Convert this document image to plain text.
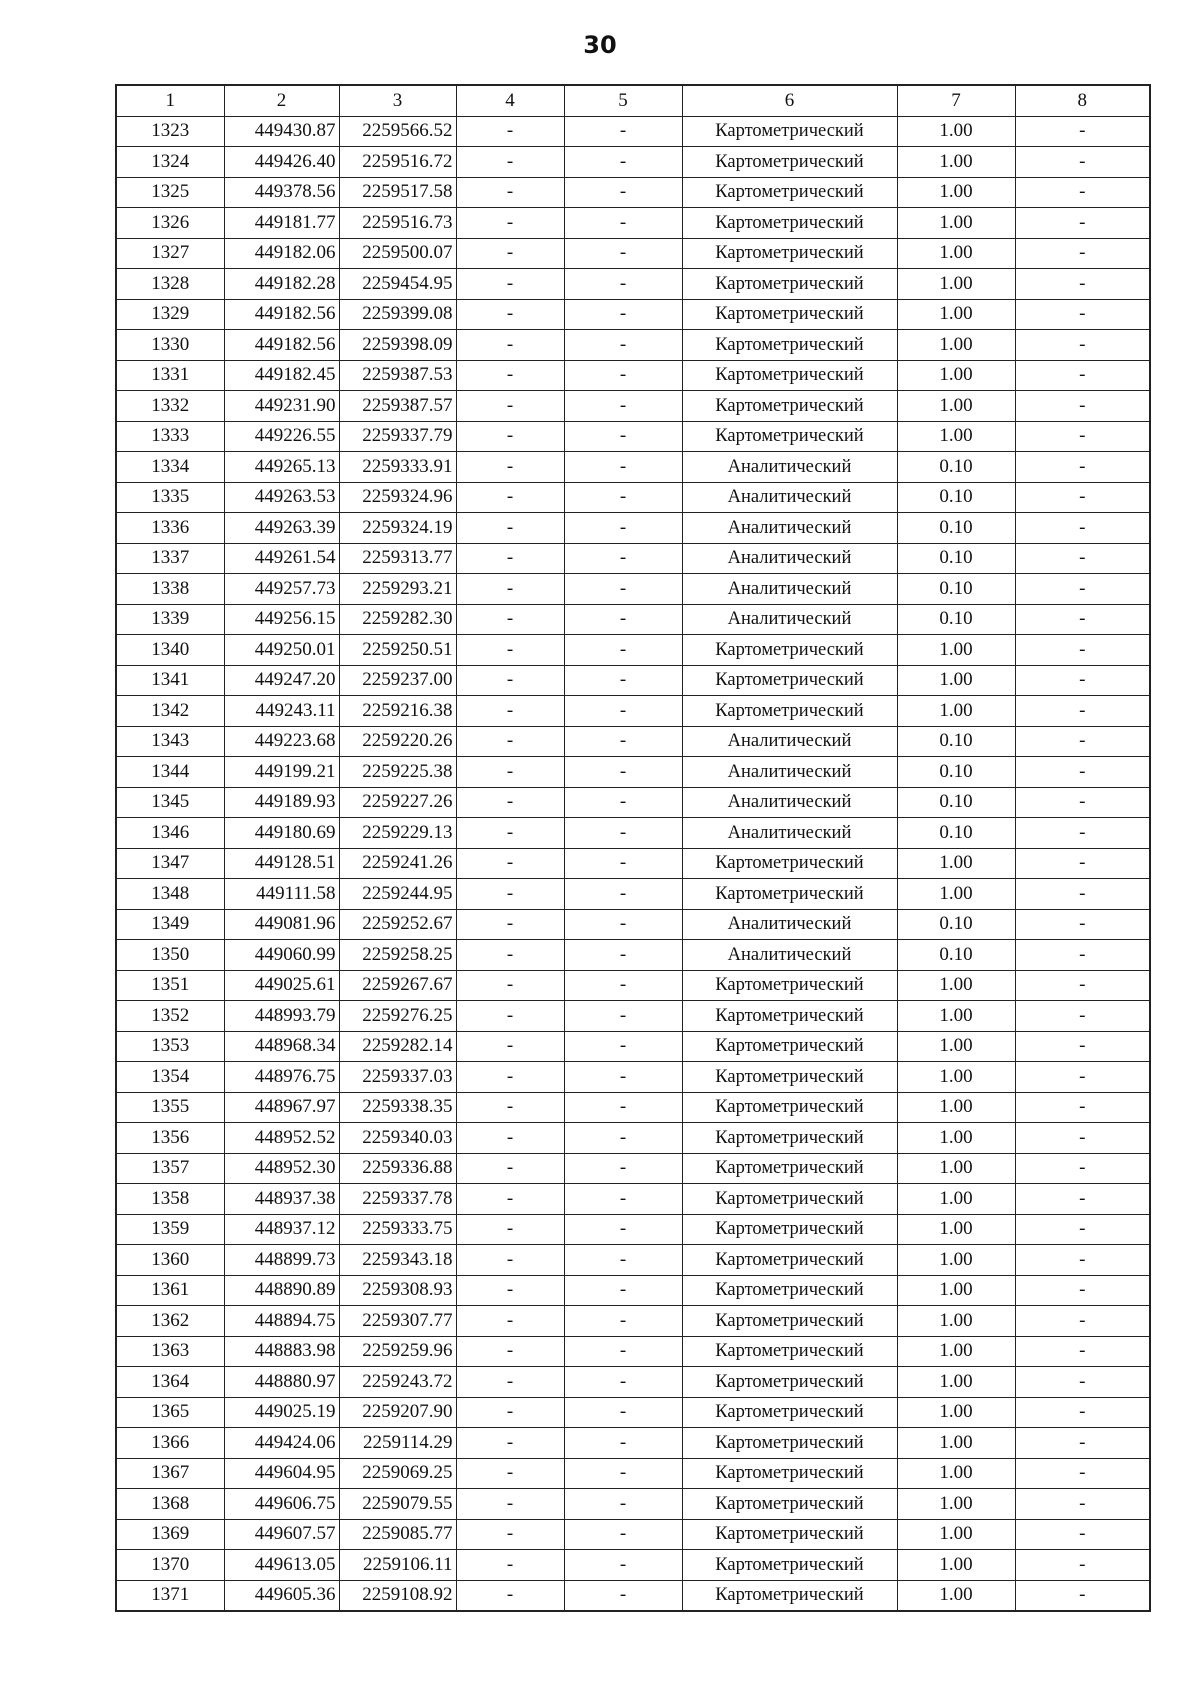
30
1	2	3	4	5	6	7	8
1323	449430.87	2259566.52	-	-	Картометрический	1.00	-
1324	449426.40	2259516.72	-	-	Картометрический	1.00	-
1325	449378.56	2259517.58	-	-	Картометрический	1.00	-
1326	449181.77	2259516.73	-	-	Картометрический	1.00	-
1327	449182.06	2259500.07	-	-	Картометрический	1.00	-
1328	449182.28	2259454.95	-	-	Картометрический	1.00	-
1329	449182.56	2259399.08	-	-	Картометрический	1.00	-
1330	449182.56	2259398.09	-	-	Картометрический	1.00	-
1331	449182.45	2259387.53	-	-	Картометрический	1.00	-
1332	449231.90	2259387.57	-	-	Картометрический	1.00	-
1333	449226.55	2259337.79	-	-	Картометрический	1.00	-
1334	449265.13	2259333.91	-	-	Аналитический	0.10	-
1335	449263.53	2259324.96	-	-	Аналитический	0.10	-
1336	449263.39	2259324.19	-	-	Аналитический	0.10	-
1337	449261.54	2259313.77	-	-	Аналитический	0.10	-
1338	449257.73	2259293.21	-	-	Аналитический	0.10	-
1339	449256.15	2259282.30	-	-	Аналитический	0.10	-
1340	449250.01	2259250.51	-	-	Картометрический	1.00	-
1341	449247.20	2259237.00	-	-	Картометрический	1.00	-
1342	449243.11	2259216.38	-	-	Картометрический	1.00	-
1343	449223.68	2259220.26	-	-	Аналитический	0.10	-
1344	449199.21	2259225.38	-	-	Аналитический	0.10	-
1345	449189.93	2259227.26	-	-	Аналитический	0.10	-
1346	449180.69	2259229.13	-	-	Аналитический	0.10	-
1347	449128.51	2259241.26	-	-	Картометрический	1.00	-
1348	449111.58	2259244.95	-	-	Картометрический	1.00	-
1349	449081.96	2259252.67	-	-	Аналитический	0.10	-
1350	449060.99	2259258.25	-	-	Аналитический	0.10	-
1351	449025.61	2259267.67	-	-	Картометрический	1.00	-
1352	448993.79	2259276.25	-	-	Картометрический	1.00	-
1353	448968.34	2259282.14	-	-	Картометрический	1.00	-
1354	448976.75	2259337.03	-	-	Картометрический	1.00	-
1355	448967.97	2259338.35	-	-	Картометрический	1.00	-
1356	448952.52	2259340.03	-	-	Картометрический	1.00	-
1357	448952.30	2259336.88	-	-	Картометрический	1.00	-
1358	448937.38	2259337.78	-	-	Картометрический	1.00	-
1359	448937.12	2259333.75	-	-	Картометрический	1.00	-
1360	448899.73	2259343.18	-	-	Картометрический	1.00	-
1361	448890.89	2259308.93	-	-	Картометрический	1.00	-
1362	448894.75	2259307.77	-	-	Картометрический	1.00	-
1363	448883.98	2259259.96	-	-	Картометрический	1.00	-
1364	448880.97	2259243.72	-	-	Картометрический	1.00	-
1365	449025.19	2259207.90	-	-	Картометрический	1.00	-
1366	449424.06	2259114.29	-	-	Картометрический	1.00	-
1367	449604.95	2259069.25	-	-	Картометрический	1.00	-
1368	449606.75	2259079.55	-	-	Картометрический	1.00	-
1369	449607.57	2259085.77	-	-	Картометрический	1.00	-
1370	449613.05	2259106.11	-	-	Картометрический	1.00	-
1371	449605.36	2259108.92	-	-	Картометрический	1.00	-
